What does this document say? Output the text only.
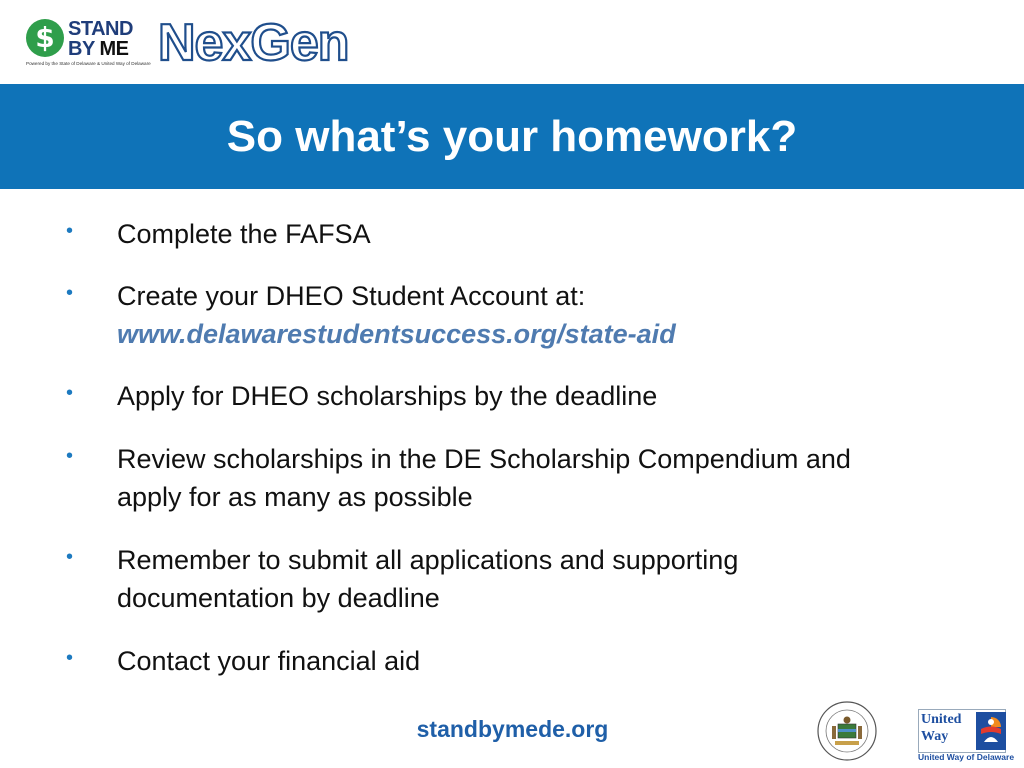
$ STAND
BY ME
Powered by the State of Delaware & United Way of Delaware NexGen
So what’s your homework?
• Complete the FAFSA
• Create your DHEO Student Account at:
www.delawarestudentsuccess.org/state-aid
• Apply for DHEO scholarships by the deadline
• Review scholarships in the DE Scholarship Compendium and apply for as many as possible
• Remember to submit all applications and supporting documentation by deadline
• Contact your financial aid
standbymede.org	United
Way
United Way of Delaware
